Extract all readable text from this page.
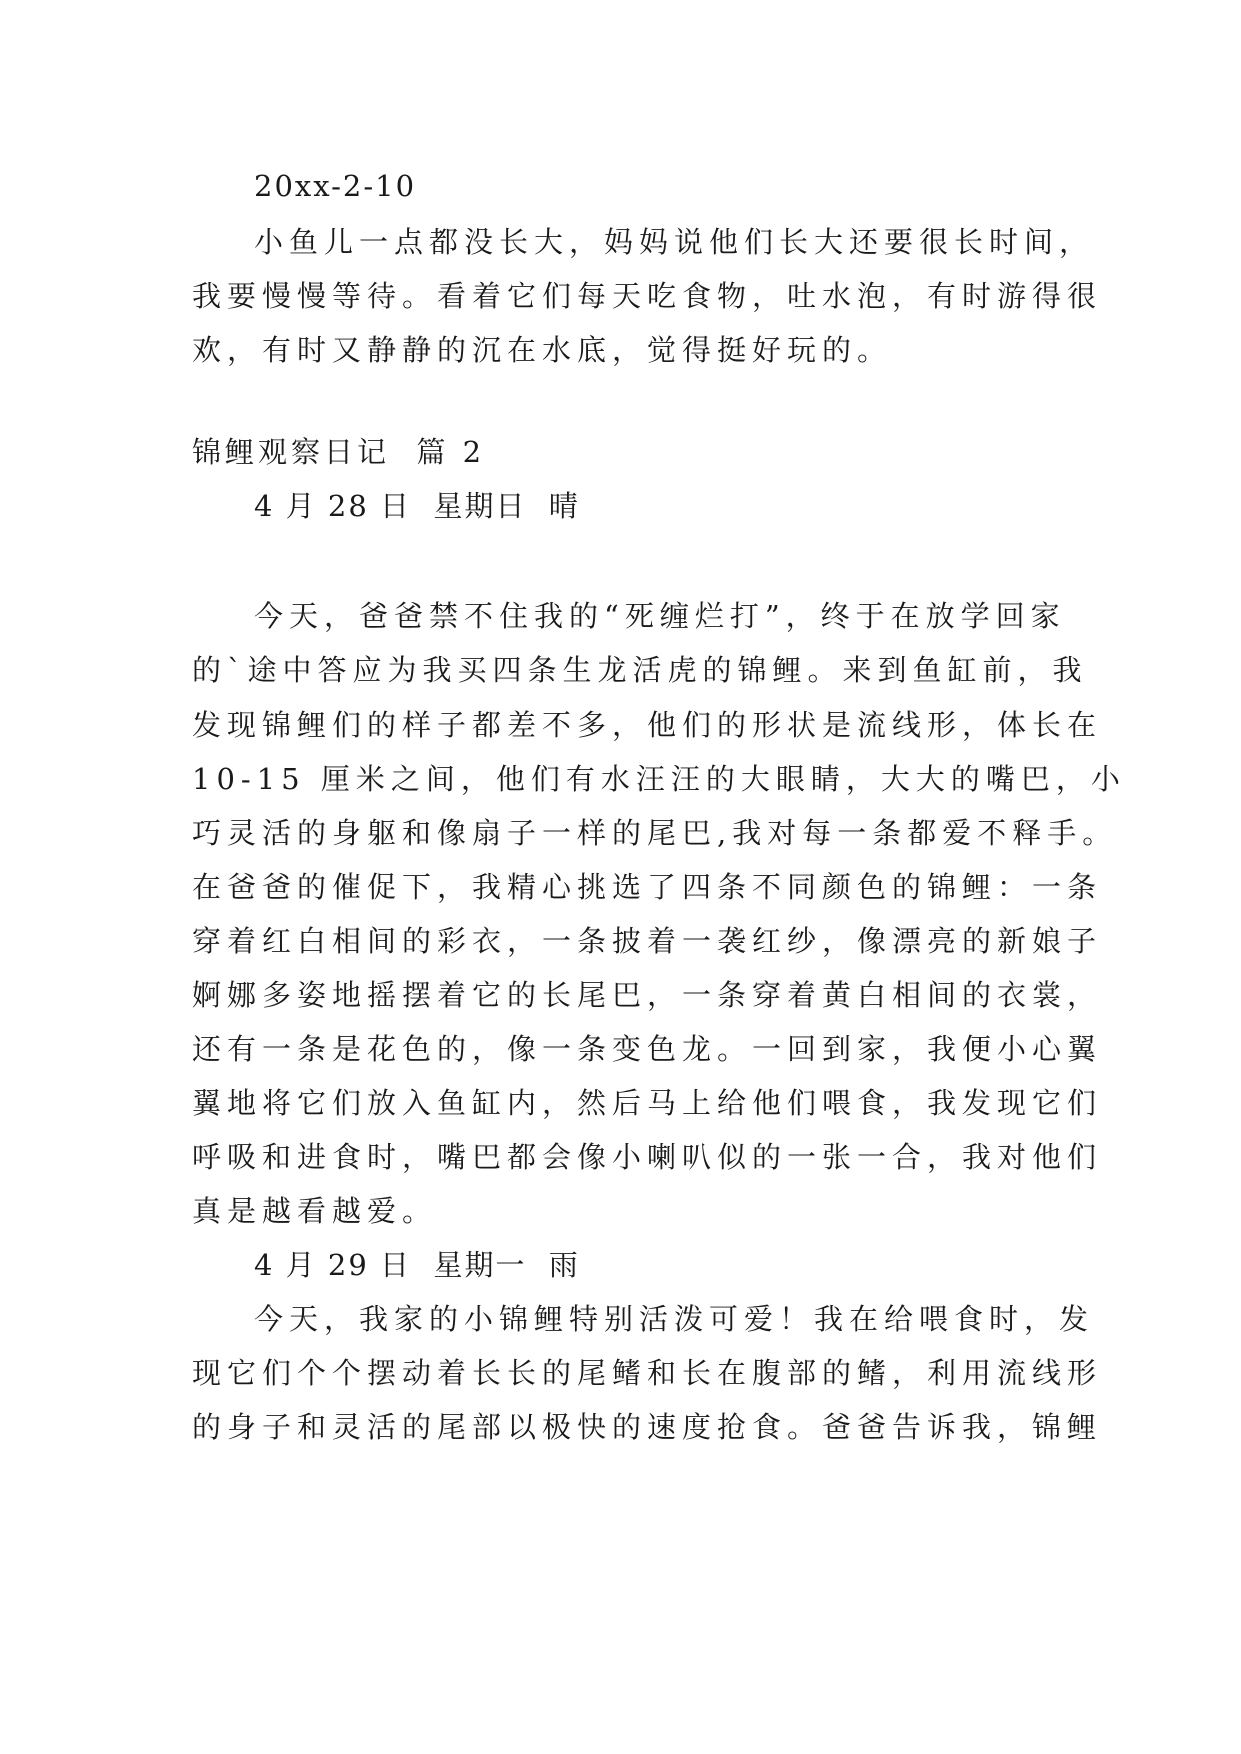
20xx-2-10
小鱼儿一点都没长大，妈妈说他们长大还要很长时间，
我要慢慢等待。看着它们每天吃食物，吐水泡，有时游得很
欢，有时又静静的沉在水底，觉得挺好玩的。
锦鲤观察日记  篇 2
4 月 28 日  星期日  晴
今天，爸爸禁不住我的“死缠烂打”，终于在放学回家
的`途中答应为我买四条生龙活虎的锦鲤。来到鱼缸前，我
发现锦鲤们的样子都差不多，他们的形状是流线形，体长在
10-15 厘米之间，他们有水汪汪的大眼睛，大大的嘴巴，小
巧灵活的身躯和像扇子一样的尾巴,我对每一条都爱不释手。
在爸爸的催促下，我精心挑选了四条不同颜色的锦鲤：一条
穿着红白相间的彩衣，一条披着一袭红纱，像漂亮的新娘子
婀娜多姿地摇摆着它的长尾巴，一条穿着黄白相间的衣裳，
还有一条是花色的，像一条变色龙。一回到家，我便小心翼
翼地将它们放入鱼缸内，然后马上给他们喂食，我发现它们
呼吸和进食时，嘴巴都会像小喇叭似的一张一合，我对他们
真是越看越爱。
4 月 29 日  星期一  雨
今天，我家的小锦鲤特别活泼可爱！我在给喂食时，发
现它们个个摆动着长长的尾鳍和长在腹部的鳍，利用流线形
的身子和灵活的尾部以极快的速度抢食。爸爸告诉我，锦鲤
